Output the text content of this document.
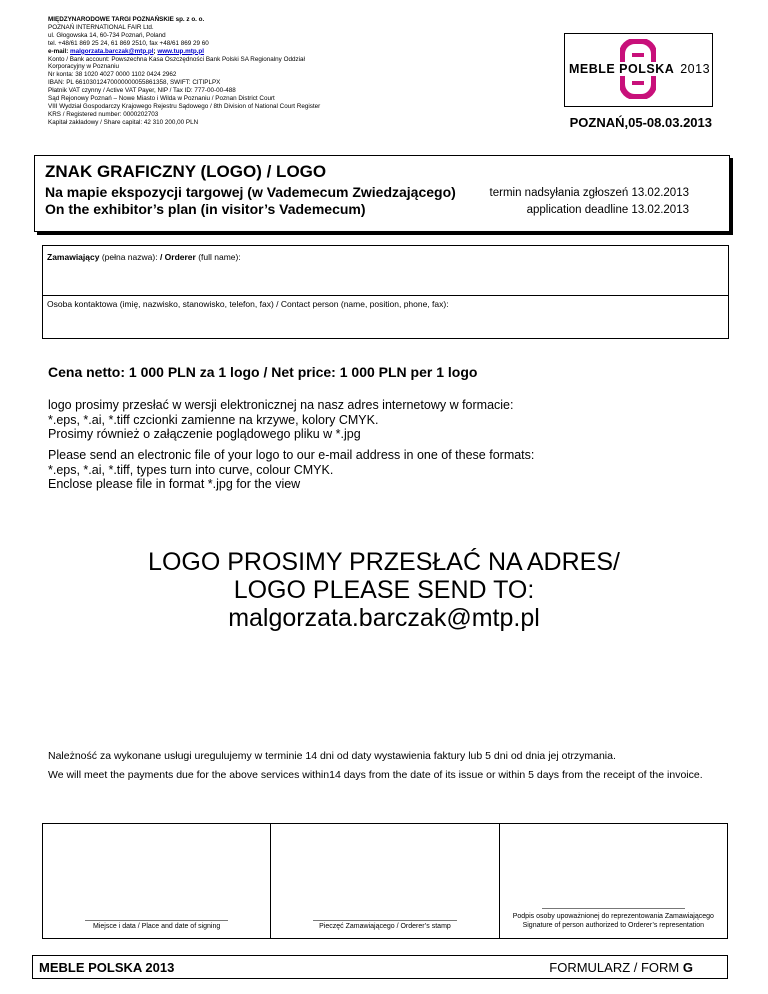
MIĘDZYNARODOWE TARGI POZNAŃSKIE sp. z o. o.
POZNAŃ INTERNATIONAL FAIR Ltd.
ul. Głogowska 14, 60-734 Poznań, Poland
tel. +48/61 869 25 24, 61 869 2510, fax +48/61 869 29 60
e-mail: malgorzata.barczak@mtp.pl; www.tup.mtp.pl
Konto / Bank account: Powszechna Kasa Oszczędności Bank Polski SA Regionalny Oddział
Korporacyjny w Poznaniu
Nr konta: 38 1020 4027 0000 1102 0424 2962
IBAN: PL 66103012470000000055861358, SWIFT: CITIPLPX
Płatnik VAT czynny / Active VAT Payer, NIP / Tax ID: 777-00-00-488
Sąd Rejonowy Poznań – Nowe Miasto i Wilda w Poznaniu / Poznan District Court
VIII Wydział Gospodarczy Krajowego Rejestru Sądowego / 8th Division of National Court Register
KRS / Registered number: 0000202703
Kapitał zakładowy / Share capital: 42 310 200,00 PLN
MEBLE POLSKA 2013
POZNAŃ,05-08.03.2013
ZNAK GRAFICZNY (LOGO) / LOGO
Na mapie ekspozycji targowej (w Vademecum Zwiedzającego)
On the exhibitor’s plan (in visitor’s Vademecum)
termin nadsyłania zgłoszeń 13.02.2013
application deadline 13.02.2013
Zamawiający (pełna nazwa): / Orderer (full name):
Osoba kontaktowa (imię, nazwisko, stanowisko, telefon, fax) / Contact person (name, position, phone, fax):
Cena netto: 1 000 PLN za 1 logo / Net price: 1 000 PLN per 1 logo
logo prosimy przesłać w wersji elektronicznej na nasz adres internetowy w formacie:
*.eps, *.ai, *.tiff czcionki zamienne na krzywe, kolory CMYK.
Prosimy również o załączenie poglądowego pliku w *.jpg
Please send an electronic file of your logo to our e-mail address in one of these formats:
*.eps, *.ai, *.tiff, types turn into curve, colour CMYK.
Enclose please file in format *.jpg for the view
LOGO PROSIMY PRZESŁAĆ NA ADRES/
LOGO PLEASE SEND TO:
malgorzata.barczak@mtp.pl
Należność za wykonane usługi uregulujemy w terminie 14 dni od daty wystawienia faktury lub 5 dni od dnia jej otrzymania.
We will meet the payments due for the above services within14 days from the date of its issue or within 5 days from the receipt of the invoice.
Miejsce i data / Place and date of signing	Pieczęć Zamawiającego / Orderer’s stamp
Podpis osoby upoważnionej do reprezentowania Zamawiającego
Signature of person authorized to Orderer’s representation
MEBLE POLSKA 2013	FORMULARZ / FORM G
